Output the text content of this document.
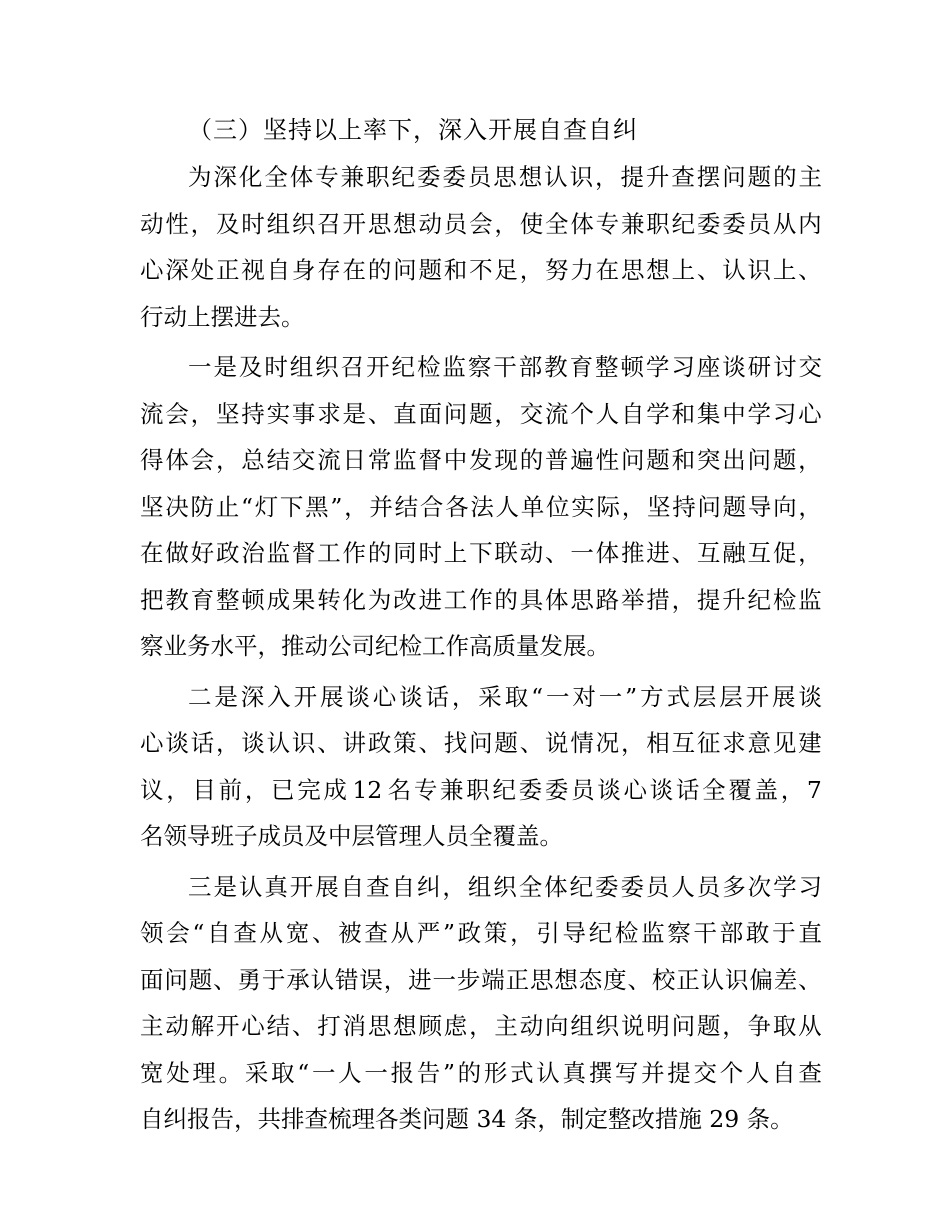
（三）坚持以上率下，深入开展自查自纠
为 深 化 全 体 专 兼 职 纪 委 委 员 思 想 认 识 ， 提 升 查 摆 问 题 的 主
动 性 ， 及 时 组 织 召 开 思 想 动 员 会 ， 使 全 体 专 兼 职 纪 委 委 员 从 内
心 深 处 正 视 自 身 存 在 的 问 题 和 不 足 ， 努 力 在 思 想 上 、 认 识 上 、
行动上摆进去。
一 是 及 时 组 织 召 开 纪 检 监 察 干 部 教 育 整 顿 学 习 座 谈 研 讨 交
流 会 ， 坚 持 实 事 求 是 、 直 面 问 题 ， 交 流 个 人 自 学 和 集 中 学 习 心
得 体 会 ， 总 结 交 流 日 常 监 督 中 发 现 的 普 遍 性 问 题 和 突 出 问 题 ，
坚 决 防 止 “ 灯 下 黑 ” ， 并 结 合 各 法 人 单 位 实 际 ， 坚 持 问 题 导 向 ，
在 做 好 政 治 监 督 工 作 的 同 时 上 下 联 动 、 一 体 推 进 、 互 融 互 促 ，
把 教 育 整 顿 成 果 转 化 为 改 进 工 作 的 具 体 思 路 举 措 ， 提 升 纪 检 监
察业务水平，推动公司纪检工作高质量发展。
二 是 深 入 开 展 谈 心 谈 话 ， 采 取 “ 一 对 一 ” 方 式 层 层 开 展 谈
心 谈 话 ， 谈 认 识 、 讲 政 策 、 找 问 题 、 说 情 况 ， 相 互 征 求 意 见 建
议 ， 目 前 ， 已 完 成 12 名 专 兼 职 纪 委 委 员 谈 心 谈 话 全 覆 盖 ， 7
名领导班子成员及中层管理人员全覆盖。
三 是 认 真 开 展 自 查 自 纠 ， 组 织 全 体 纪 委 委 员 人 员 多 次 学 习
领 会 “ 自 查 从 宽 、 被 查 从 严 ” 政 策 ， 引 导 纪 检 监 察 干 部 敢 于 直
面 问 题 、 勇 于 承 认 错 误 ， 进 一 步 端 正 思 想 态 度 、 校 正 认 识 偏 差 、
主 动 解 开 心 结 、 打 消 思 想 顾 虑 ， 主 动 向 组 织 说 明 问 题 ， 争 取 从
宽 处 理 。 采 取 “ 一 人 一 报 告 ” 的 形 式 认 真 撰 写 并 提 交 个 人 自 查
自纠报告，共排查梳理各类问题 34 条，制定整改措施 29 条。
